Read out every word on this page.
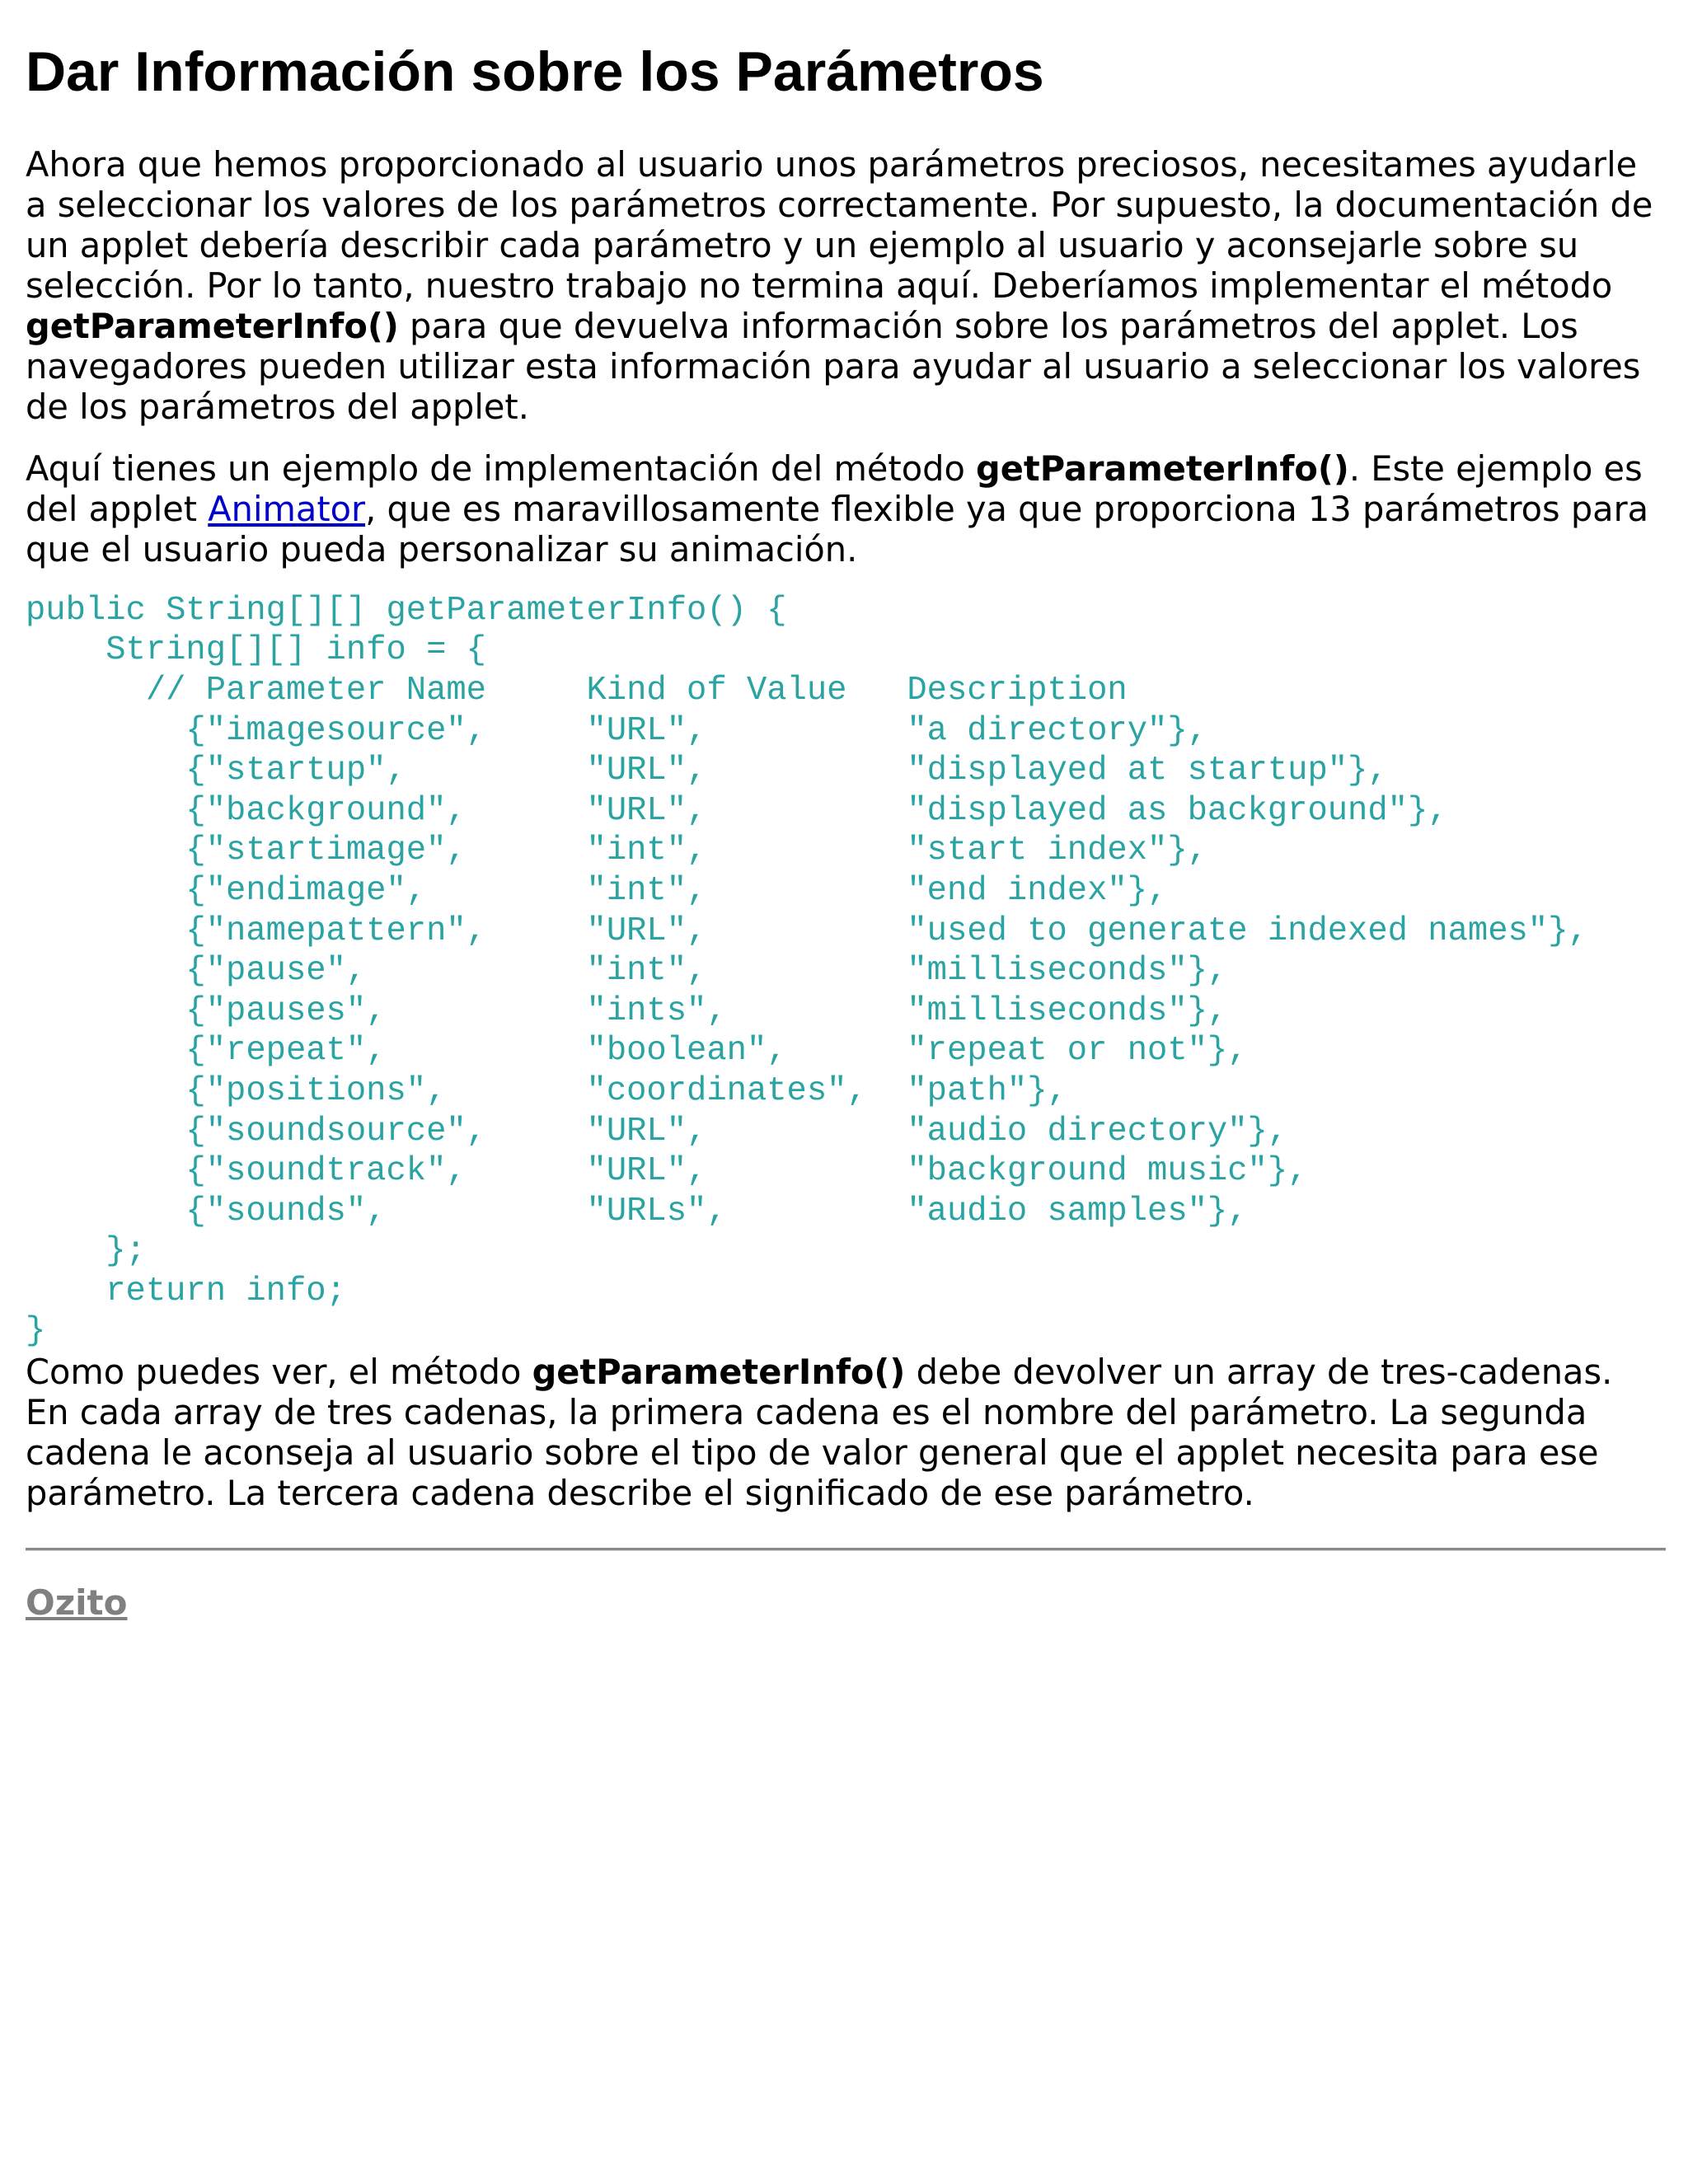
Dar Información sobre los Parámetros

Ahora que hemos proporcionado al usuario unos parámetros preciosos, necesitames ayudarle a seleccionar los valores de los parámetros correctamente. Por supuesto, la documentación de un applet debería describir cada parámetro y un ejemplo al usuario y aconsejarle sobre su selección. Por lo tanto, nuestro trabajo no termina aquí. Deberíamos implementar el método getParameterInfo() para que devuelva información sobre los parámetros del applet. Los navegadores pueden utilizar esta información para ayudar al usuario a seleccionar los valores de los parámetros del applet.

Aquí tienes un ejemplo de implementación del método getParameterInfo(). Este ejemplo es del applet Animator, que es maravillosamente flexible ya que proporciona 13 parámetros para que el usuario pueda personalizar su animación.

public String[][] getParameterInfo() {
String[][] info = {
// Parameter Name     Kind of Value   Description
{"imagesource",     "URL",          "a directory"},
{"startup",         "URL",          "displayed at startup"},
{"background",      "URL",          "displayed as background"},
{"startimage",      "int",          "start index"},
{"endimage",        "int",          "end index"},
{"namepattern",     "URL",          "used to generate indexed names"},
{"pause",           "int",          "milliseconds"},
{"pauses",          "ints",         "milliseconds"},
{"repeat",          "boolean",      "repeat or not"},
{"positions",       "coordinates",  "path"},
{"soundsource",     "URL",          "audio directory"},
{"soundtrack",      "URL",          "background music"},
{"sounds",          "URLs",         "audio samples"},
};
return info;
}

Como puedes ver, el método getParameterInfo() debe devolver un array de tres-cadenas. En cada array de tres cadenas, la primera cadena es el nombre del parámetro. La segunda cadena le aconseja al usuario sobre el tipo de valor general que el applet necesita para ese parámetro. La tercera cadena describe el significado de ese parámetro.

Ozito
